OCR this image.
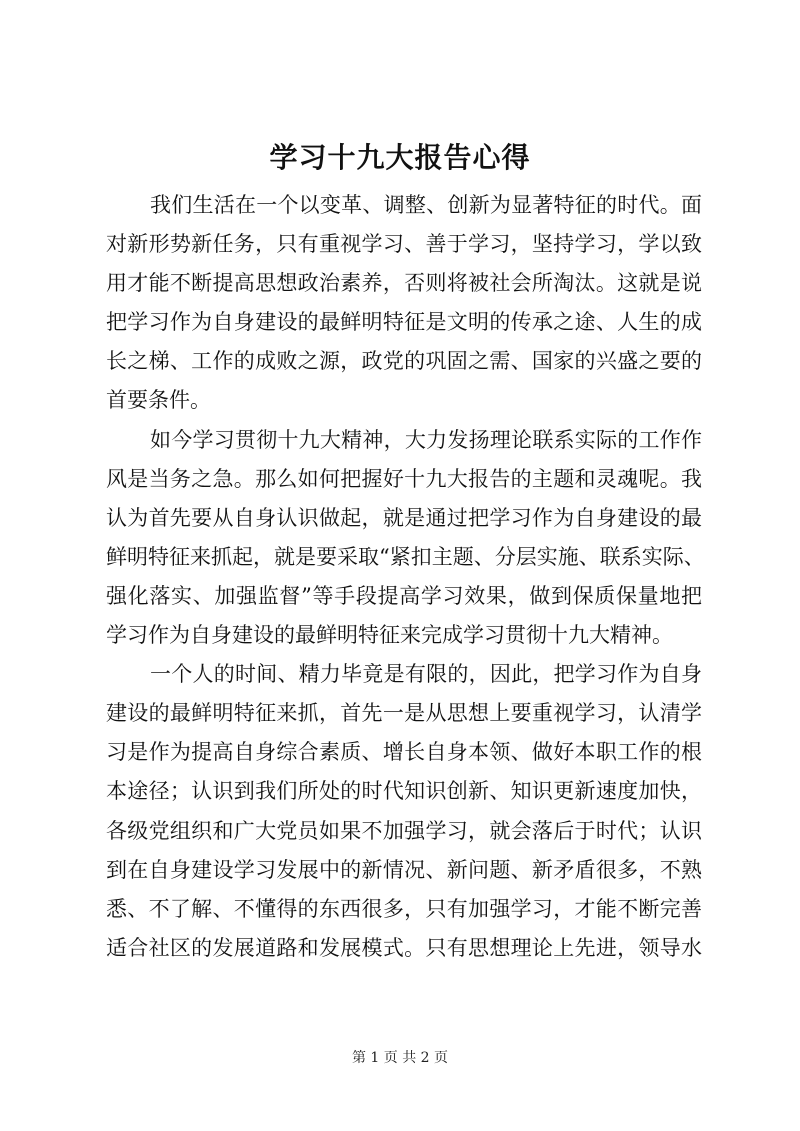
学习十九大报告心得
我们生活在一个以变革、调整、创新为显著特征的时代。面
对新形势新任务，只有重视学习、善于学习，坚持学习，学以致
用才能不断提高思想政治素养，否则将被社会所淘汰。这就是说
把学习作为自身建设的最鲜明特征是文明的传承之途、人生的成
长之梯、工作的成败之源，政党的巩固之需、国家的兴盛之要的
首要条件。
如今学习贯彻十九大精神，大力发扬理论联系实际的工作作
风是当务之急。那么如何把握好十九大报告的主题和灵魂呢。我
认为首先要从自身认识做起，就是通过把学习作为自身建设的最
鲜明特征来抓起，就是要采取“紧扣主题、分层实施、联系实际、
强化落实、加强监督”等手段提高学习效果，做到保质保量地把
学习作为自身建设的最鲜明特征来完成学习贯彻十九大精神。
一个人的时间、精力毕竟是有限的，因此，把学习作为自身
建设的最鲜明特征来抓，首先一是从思想上要重视学习，认清学
习是作为提高自身综合素质、增长自身本领、做好本职工作的根
本途径；认识到我们所处的时代知识创新、知识更新速度加快，
各级党组织和广大党员如果不加强学习，就会落后于时代；认识
到在自身建设学习发展中的新情况、新问题、新矛盾很多，不熟
悉、不了解、不懂得的东西很多，只有加强学习，才能不断完善
适合社区的发展道路和发展模式。只有思想理论上先进，领导水
第 1 页 共 2 页
